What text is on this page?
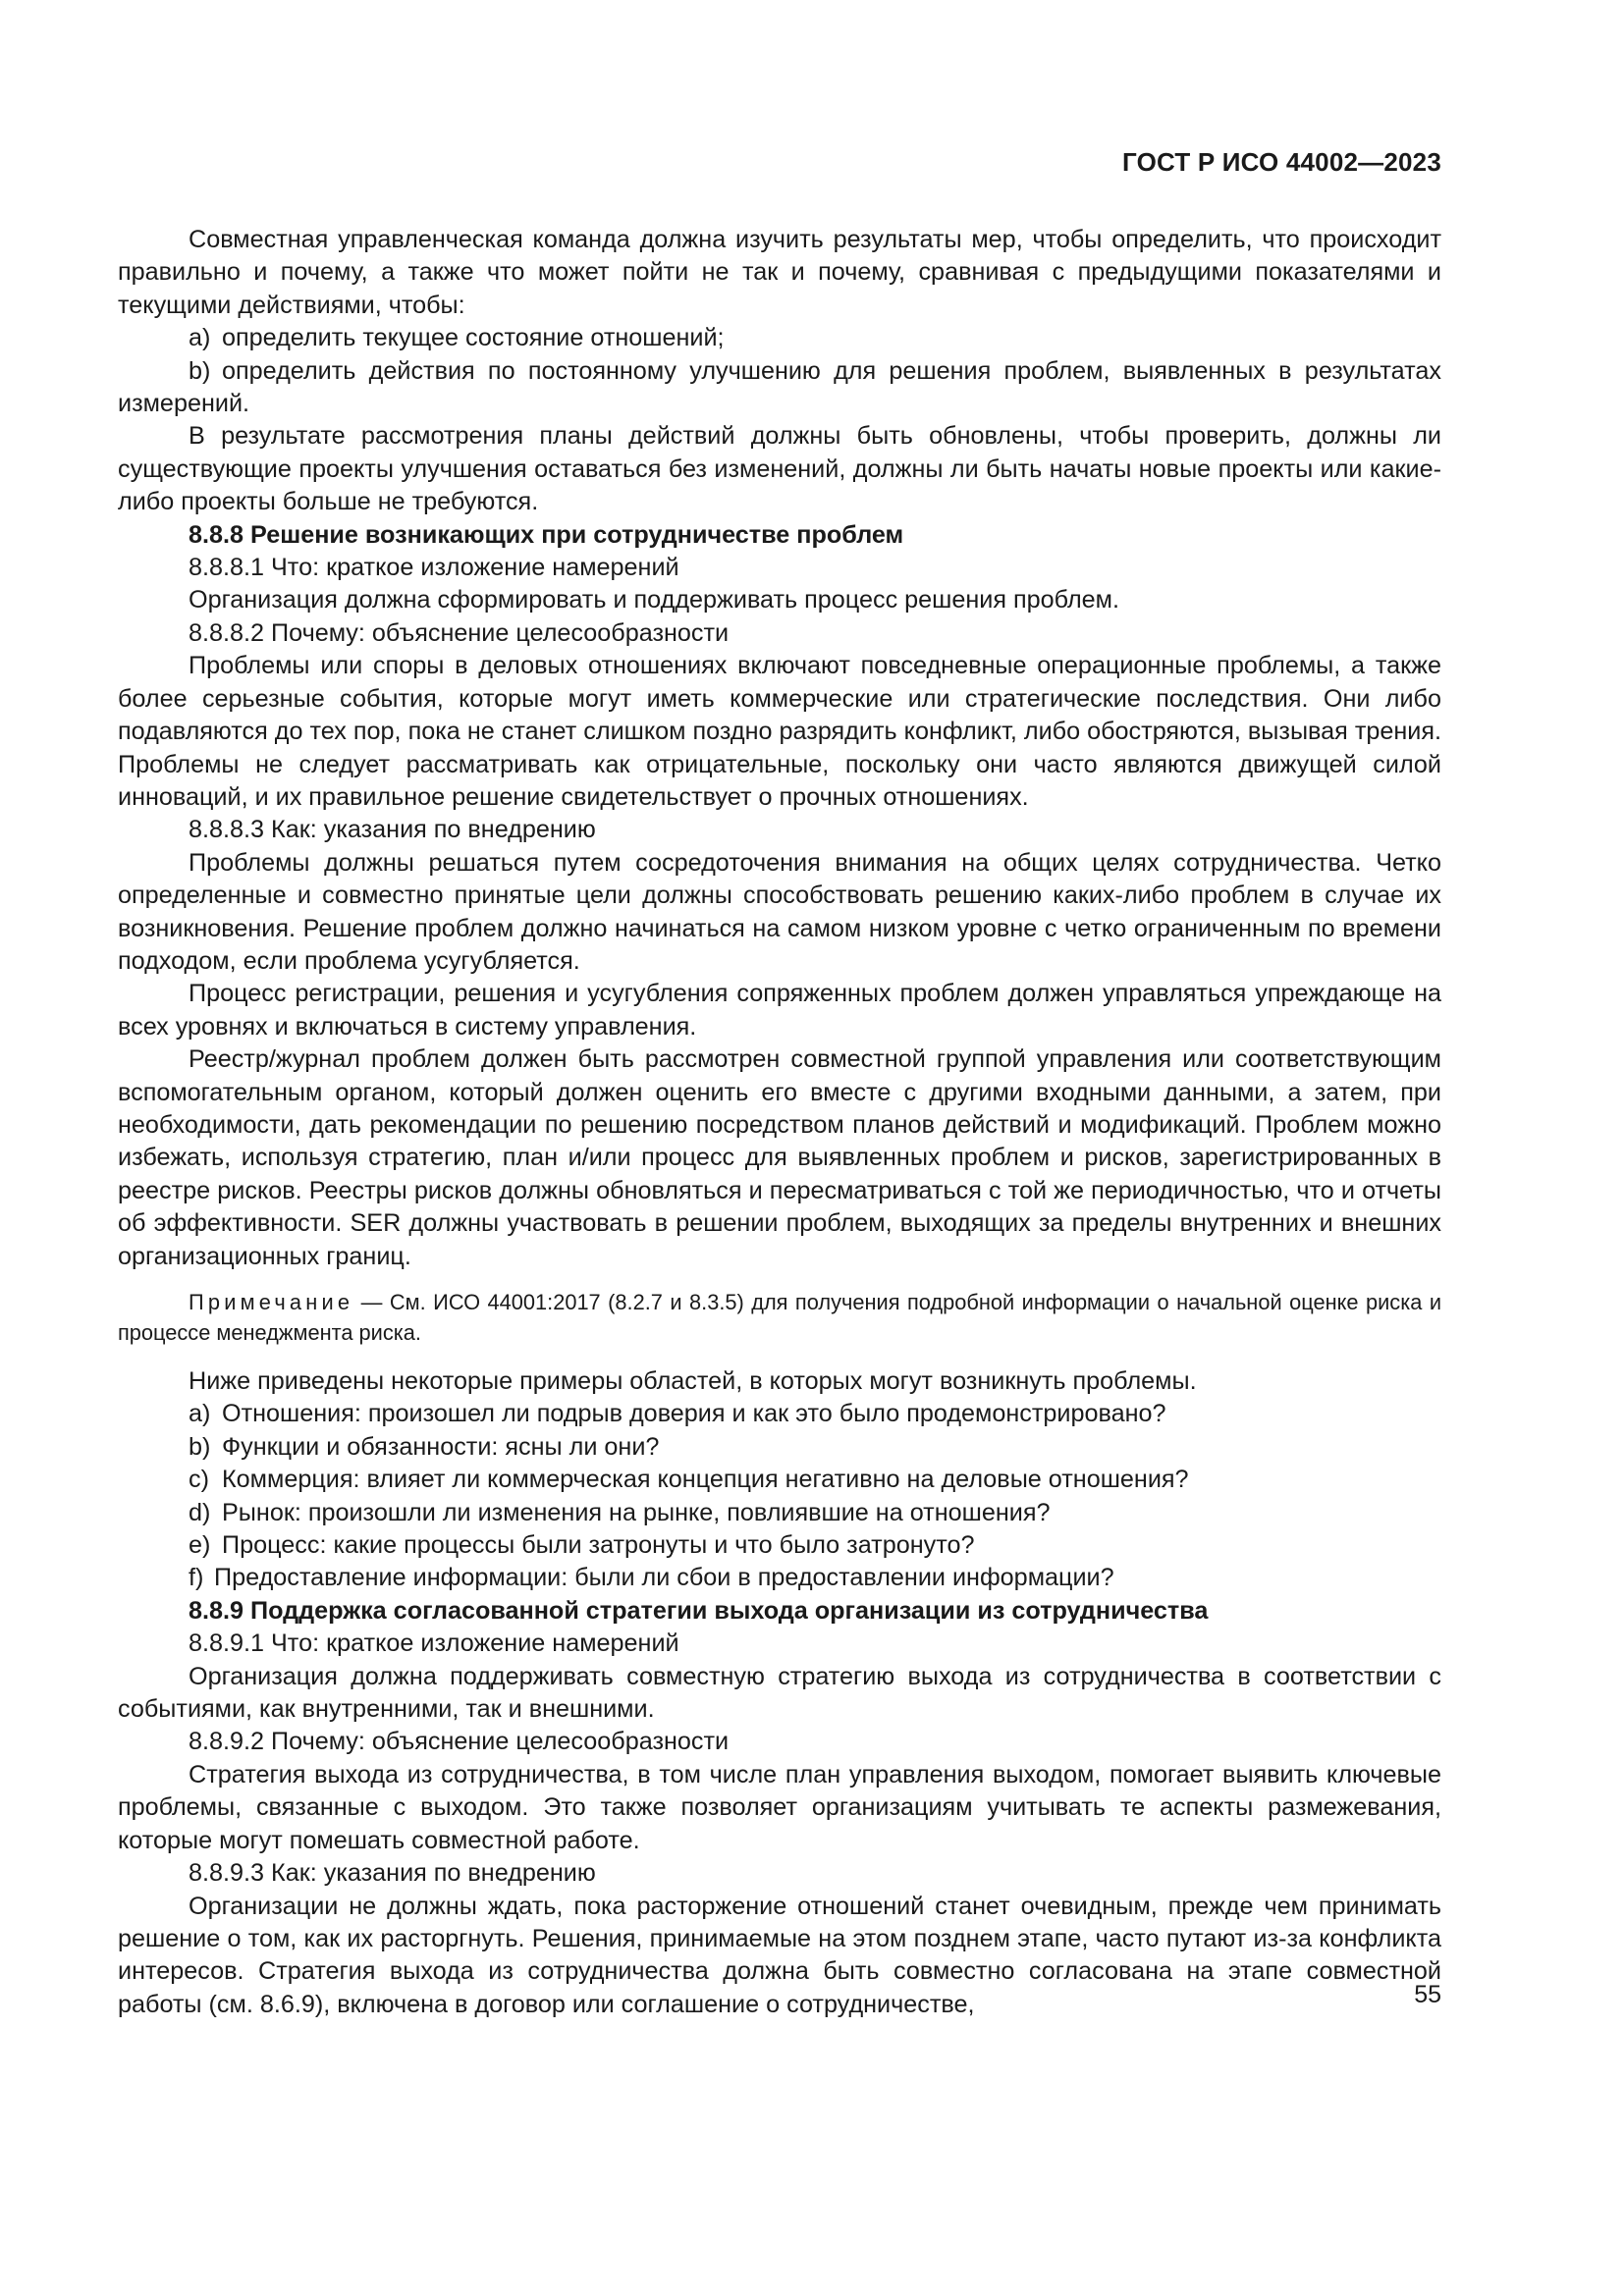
ГОСТ Р ИСО 44002—2023

Совместная управленческая команда должна изучить результаты мер, чтобы определить, что происходит правильно и почему, а также что может пойти не так и почему, сравнивая с предыдущими показателями и текущими действиями, чтобы:

a) определить текущее состояние отношений;

b) определить действия по постоянному улучшению для решения проблем, выявленных в результатах измерений.

В результате рассмотрения планы действий должны быть обновлены, чтобы проверить, должны ли существующие проекты улучшения оставаться без изменений, должны ли быть начаты новые проекты или какие-либо проекты больше не требуются.

8.8.8 Решение возникающих при сотрудничестве проблем

8.8.8.1 Что: краткое изложение намерений

Организация должна сформировать и поддерживать процесс решения проблем.

8.8.8.2 Почему: объяснение целесообразности

Проблемы или споры в деловых отношениях включают повседневные операционные проблемы, а также более серьезные события, которые могут иметь коммерческие или стратегические последствия. Они либо подавляются до тех пор, пока не станет слишком поздно разрядить конфликт, либо обостряются, вызывая трения. Проблемы не следует рассматривать как отрицательные, поскольку они часто являются движущей силой инноваций, и их правильное решение свидетельствует о прочных отношениях.

8.8.8.3 Как: указания по внедрению

Проблемы должны решаться путем сосредоточения внимания на общих целях сотрудничества. Четко определенные и совместно принятые цели должны способствовать решению каких-либо проблем в случае их возникновения. Решение проблем должно начинаться на самом низком уровне с четко ограниченным по времени подходом, если проблема усугубляется.

Процесс регистрации, решения и усугубления сопряженных проблем должен управляться упреждающе на всех уровнях и включаться в систему управления.

Реестр/журнал проблем должен быть рассмотрен совместной группой управления или соответствующим вспомогательным органом, который должен оценить его вместе с другими входными данными, а затем, при необходимости, дать рекомендации по решению посредством планов действий и модификаций. Проблем можно избежать, используя стратегию, план и/или процесс для выявленных проблем и рисков, зарегистрированных в реестре рисков. Реестры рисков должны обновляться и пересматриваться с той же периодичностью, что и отчеты об эффективности. SER должны участвовать в решении проблем, выходящих за пределы внутренних и внешних организационных границ.

Примечание — См. ИСО 44001:2017 (8.2.7 и 8.3.5) для получения подробной информации о начальной оценке риска и процессе менеджмента риска.

Ниже приведены некоторые примеры областей, в которых могут возникнуть проблемы.

a) Отношения: произошел ли подрыв доверия и как это было продемонстрировано?

b) Функции и обязанности: ясны ли они?

c) Коммерция: влияет ли коммерческая концепция негативно на деловые отношения?

d) Рынок: произошли ли изменения на рынке, повлиявшие на отношения?

e) Процесс: какие процессы были затронуты и что было затронуто?

f) Предоставление информации: были ли сбои в предоставлении информации?

8.8.9 Поддержка согласованной стратегии выхода организации из сотрудничества

8.8.9.1 Что: краткое изложение намерений

Организация должна поддерживать совместную стратегию выхода из сотрудничества в соответствии с событиями, как внутренними, так и внешними.

8.8.9.2 Почему: объяснение целесообразности

Стратегия выхода из сотрудничества, в том числе план управления выходом, помогает выявить ключевые проблемы, связанные с выходом. Это также позволяет организациям учитывать те аспекты размежевания, которые могут помешать совместной работе.

8.8.9.3 Как: указания по внедрению

Организации не должны ждать, пока расторжение отношений станет очевидным, прежде чем принимать решение о том, как их расторгнуть. Решения, принимаемые на этом позднем этапе, часто путают из-за конфликта интересов. Стратегия выхода из сотрудничества должна быть совместно согласована на этапе совместной работы (см. 8.6.9), включена в договор или соглашение о сотрудничестве,	55
